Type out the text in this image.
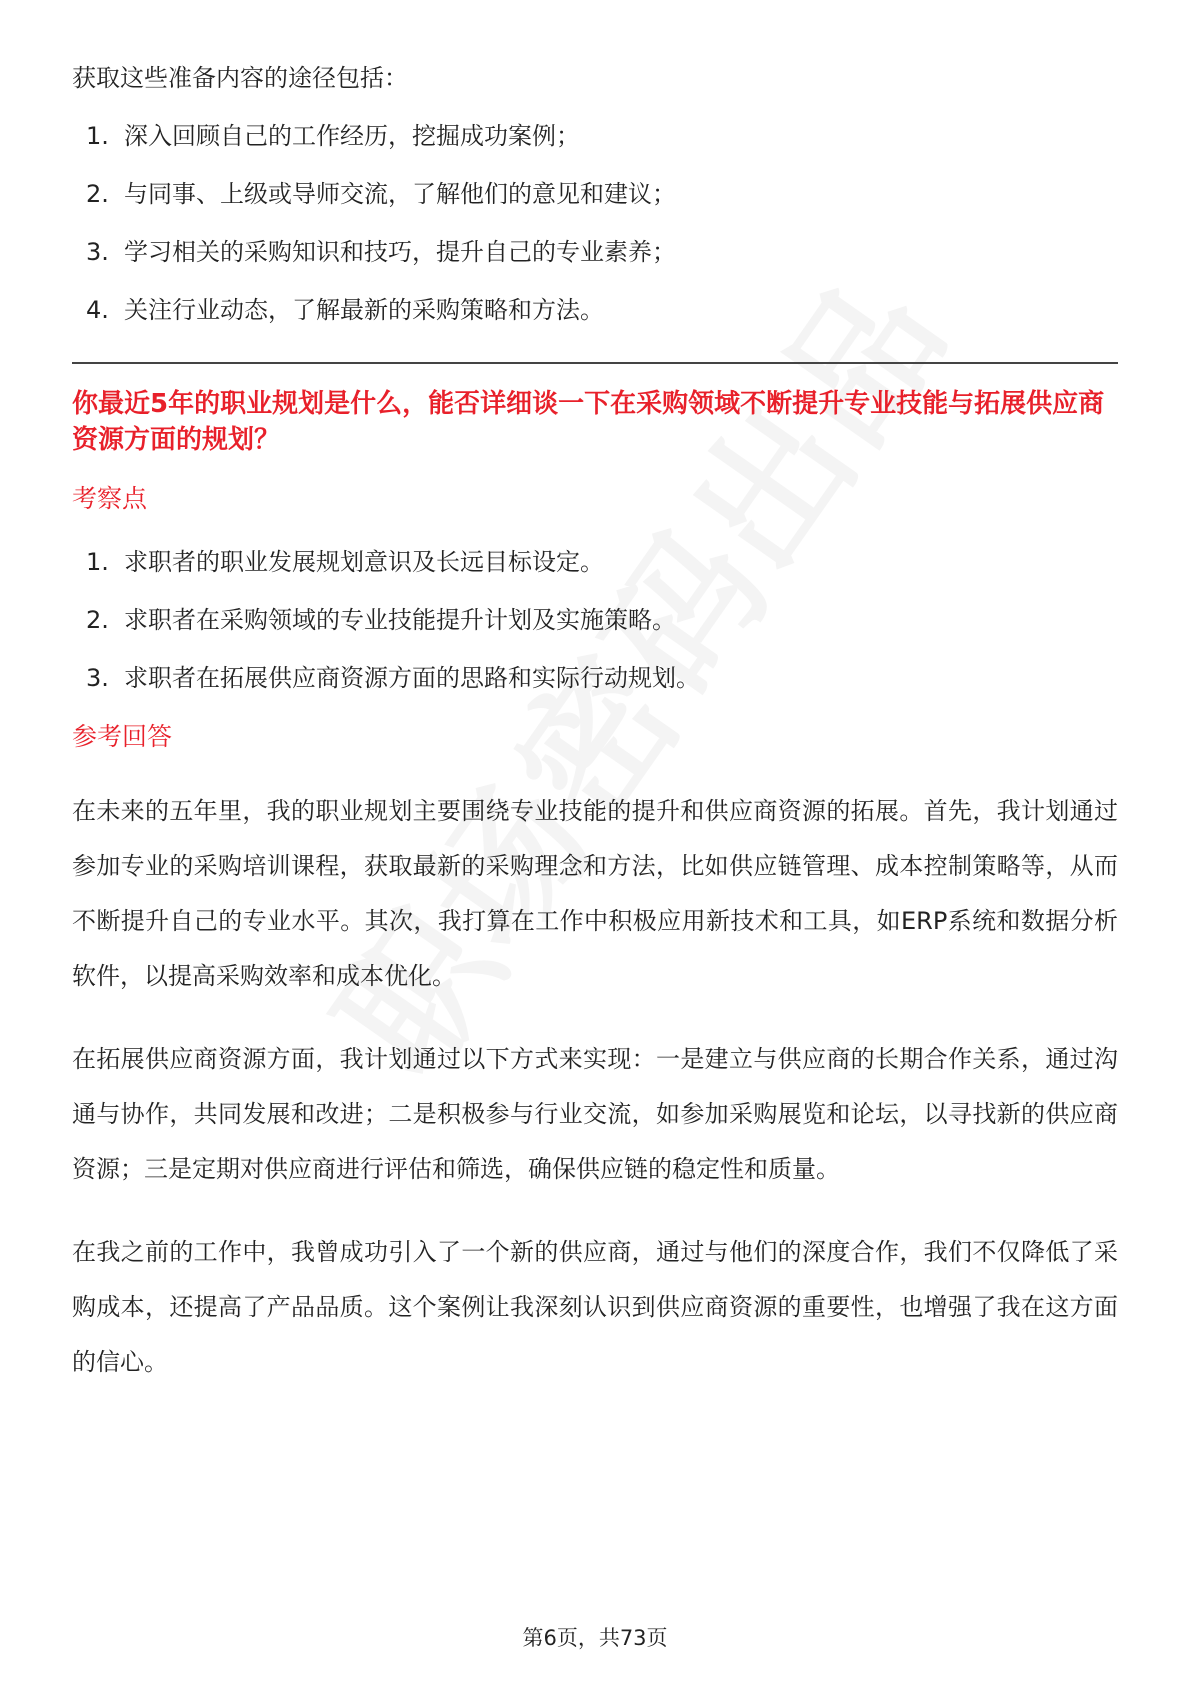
获取这些准备内容的途径包括：

1. 深入回顾自己的工作经历，挖掘成功案例；
2. 与同事、上级或导师交流，了解他们的意见和建议；
3. 学习相关的采购知识和技巧，提升自己的专业素养；
4. 关注行业动态，了解最新的采购策略和方法。
你最近5年的职业规划是什么，能否详细谈一下在采购领域不断提升专业技能与拓展供应商资源方面的规划？
考察点
1. 求职者的职业发展规划意识及长远目标设定。
2. 求职者在采购领域的专业技能提升计划及实施策略。
3. 求职者在拓展供应商资源方面的思路和实际行动规划。
参考回答

在未来的五年里，我的职业规划主要围绕专业技能的提升和供应商资源的拓展。首先，我计划通过参加专业的采购培训课程，获取最新的采购理念和方法，比如供应链管理、成本控制策略等，从而不断提升自己的专业水平。其次，我打算在工作中积极应用新技术和工具，如ERP系统和数据分析软件，以提高采购效率和成本优化。

在拓展供应商资源方面，我计划通过以下方式来实现：一是建立与供应商的长期合作关系，通过沟通与协作，共同发展和改进；二是积极参与行业交流，如参加采购展览和论坛，以寻找新的供应商资源；三是定期对供应商进行评估和筛选，确保供应链的稳定性和质量。

在我之前的工作中，我曾成功引入了一个新的供应商，通过与他们的深度合作，我们不仅降低了采购成本，还提高了产品品质。这个案例让我深刻认识到供应商资源的重要性，也增强了我在这方面的信心。

第6页，共73页
